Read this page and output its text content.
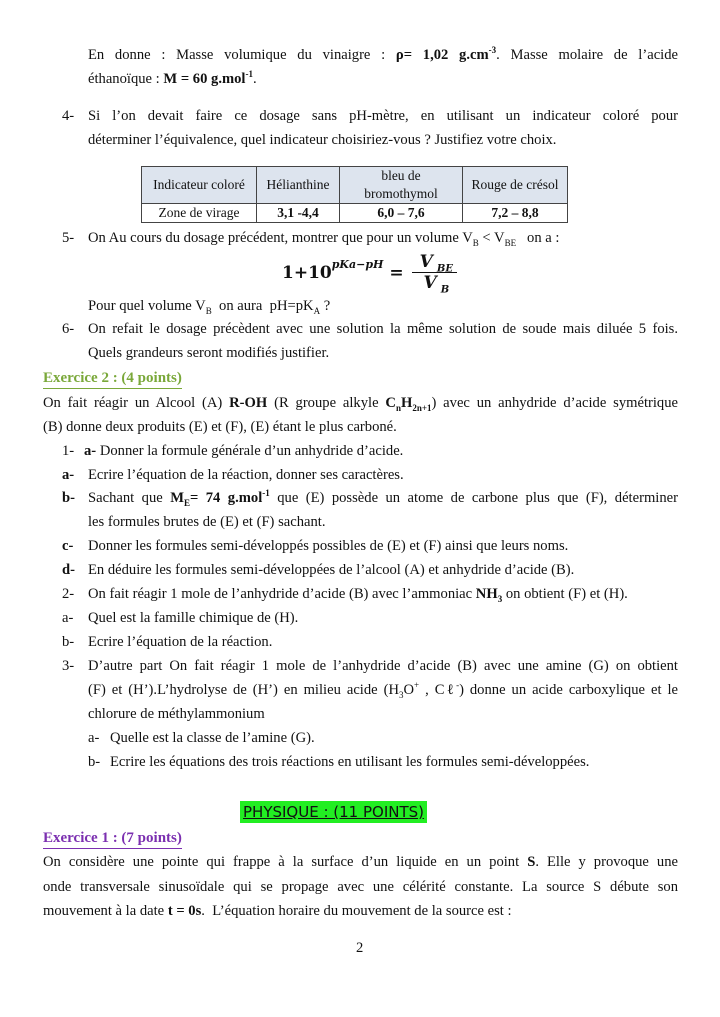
En donne : Masse volumique du vinaigre : ρ= 1,02 $g.cm^{-3}$. Masse molaire de l’acide
éthanoïque : M = 60 g.mol$^{-1}$.
4- Si l’on devait faire ce dosage sans pH-mètre, en utilisant un indicateur coloré pour
déterminer l’équivalence, quel indicateur choisiriez-vous ? Justifiez votre choix.
Indicateur coloré	Hélianthine	bleu de bromothymol	Rouge de crésol
Zone de virage	3,1 -4,4	6,0 – 7,6	7,2 – 8,8
5- On Au cours du dosage précédent, montrer que pour un volume $V_B < V_{BE}$   on a :
$1+10^{pKa-pH} = \frac{V _{BE}}{V _B}$
Pour quel volume $V_B$  on aura  $pH=pK_A$ ?
6- On refait le dosage précèdent avec une solution la même solution de soude mais diluée 5 fois.
Quels grandeurs seront modifiés justifier.
Exercice 2 : (4 points)
On fait réagir un Alcool (A) R-OH (R groupe alkyle $C_nH_{2n+1}$) avec un anhydride d’acide symétrique
(B) donne deux produits (E) et (F), (E) étant le plus carboné.
1- a- Donner la formule générale d’un anhydride d’acide.
a- Ecrire l’équation de la réaction, donner ses caractères.
b- Sachant que $M_E= 74$ g.mol$^{-1}$ que (E) possède un atome de carbone plus que (F), déterminer
les formules brutes de (E) et (F) sachant.
c- Donner les formules semi-développés possibles de (E) et (F) ainsi que leurs noms.
d- En déduire les formules semi-développées de l’alcool (A) et anhydride d’acide (B).
2- On fait réagir 1 mole de l’anhydride d’acide (B) avec l’ammoniac $NH_3$ on obtient (F) et (H).
a- Quel est la famille chimique de (H).
b- Ecrire l’équation de la réaction.
3- D’autre part On fait réagir 1 mole de l’anhydride d’acide (B) avec une amine (G) on obtient
(F) et (H’).L’hydrolyse de (H’) en milieu acide ($H_3O^+$ , Cℓ-) donne un acide carboxylique et le
chlorure de méthylammonium
a- Quelle est la classe de l’amine (G).
b- Ecrire les équations des trois réactions en utilisant les formules semi-développées.
PHYSIQUE : (11 POINTS)
Exercice 1 : (7 points)
On considère une pointe qui frappe à la surface d’un liquide en un point S. Elle y provoque une
onde transversale sinusoïdale qui se propage avec une célérité constante. La source S débute son
mouvement à la date t = 0s.  L’équation horaire du mouvement de la source est :
2
